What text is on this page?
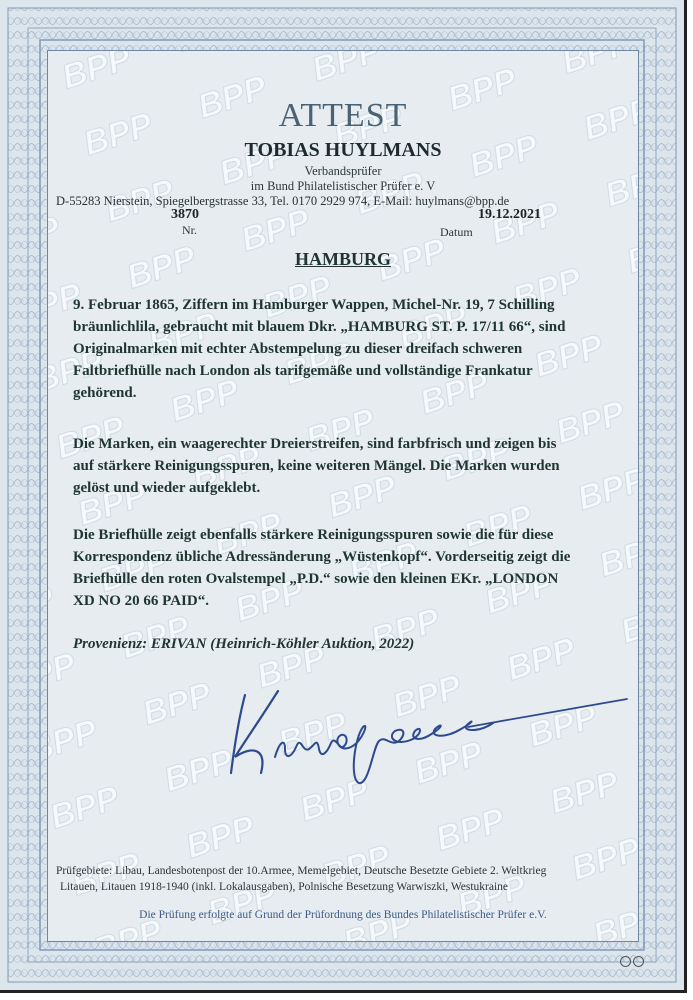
ATTEST
TOBIAS HUYLMANS
Verbandsprüfer
im Bund Philatelistischer Prüfer e. V
D-55283 Nierstein, Spiegelbergstrasse 33, Tel. 0170 2929 974, E-Mail: huylmans@bpp.de
3870
Nr.
19.12.2021
Datum
HAMBURG
9. Februar 1865, Ziffern im Hamburger Wappen, Michel-Nr. 19, 7 Schilling
bräunlichlila, gebraucht mit blauem Dkr. „HAMBURG ST. P. 17/11 66“, sind
Originalmarken mit echter Abstempelung zu dieser dreifach schweren
Faltbriefhülle nach London als tarifgemäße und vollständige Frankatur
gehörend.
Die Marken, ein waagerechter Dreierstreifen, sind farbfrisch und zeigen bis
auf stärkere Reinigungsspuren, keine weiteren Mängel. Die Marken wurden
gelöst und wieder aufgeklebt.
Die Briefhülle zeigt ebenfalls stärkere Reinigungsspuren sowie die für diese
Korrespondenz übliche Adressänderung „Wüstenkopf“. Vorderseitig zeigt die
Briefhülle den roten Ovalstempel „P.D.“ sowie den kleinen EKr. „LONDON
XD NO 20 66 PAID“.
Provenienz: ERIVAN (Heinrich-Köhler Auktion, 2022)
Prüfgebiete: Libau, Landesbotenpost der 10.Armee, Memelgebiet, Deutsche Besetzte Gebiete 2. Weltkrieg
Litauen, Litauen 1918-1940 (inkl. Lokalausgaben), Polnische Besetzung Warwiszki, Westukraine
Die Prüfung erfolgte auf Grund der Prüfordnung des Bundes Philatelistischer Prüfer e.V.
